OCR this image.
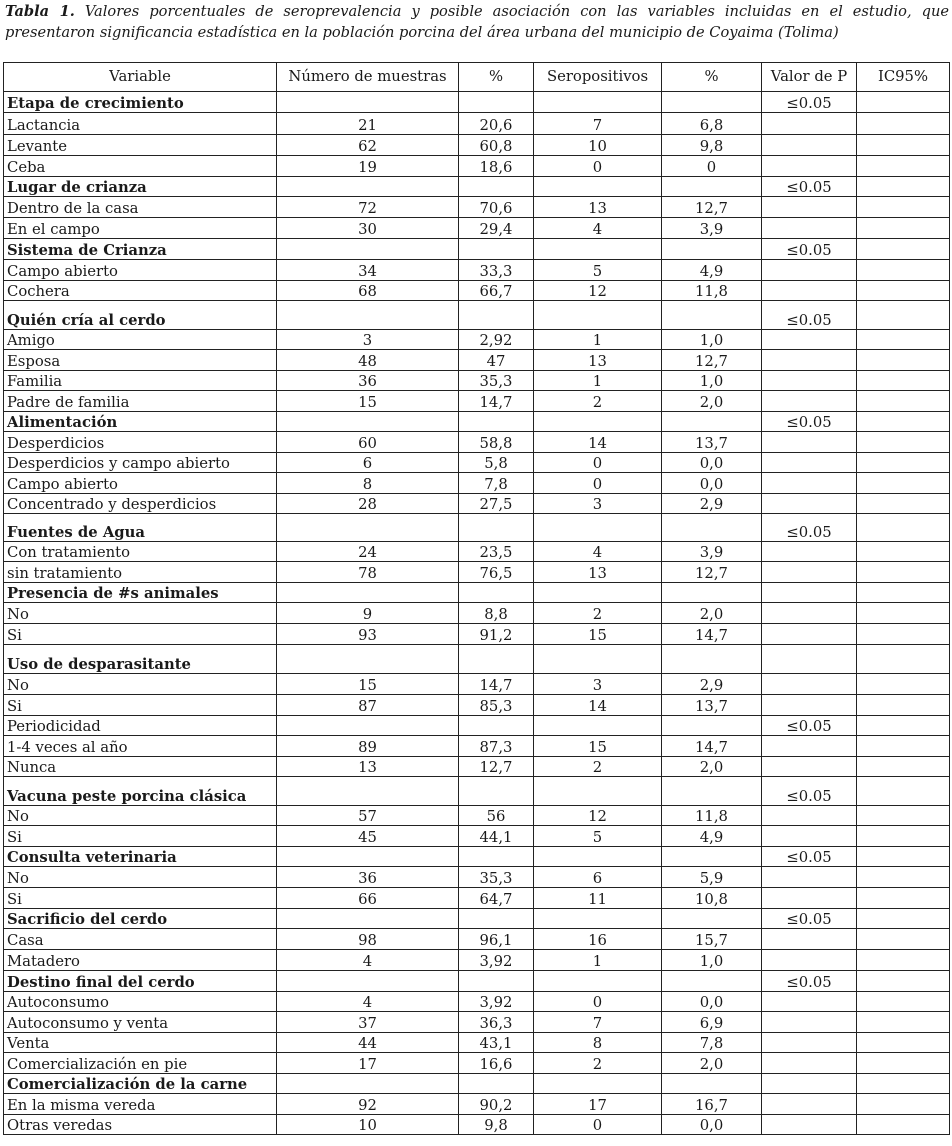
Tabla 1. Valores porcentuales de seroprevalencia y posible asociación con las variables incluidas en el estudio, que presentaron significancia estadística en la población porcina del área urbana del municipio de Coyaima (Tolima)

Variable	Número de muestras	%	Seropositivos	%	Valor de P	IC95%
Etapa de crecimiento					≤0.05	
Lactancia	21	20,6	7	6,8		
Levante	62	60,8	10	9,8		
Ceba	19	18,6	0	0		
Lugar de crianza					≤0.05	
Dentro de la casa	72	70,6	13	12,7		
En el campo	30	29,4	4	3,9		
Sistema de Crianza					≤0.05	
Campo abierto	34	33,3	5	4,9		
Cochera	68	66,7	12	11,8		
Quién cría al cerdo					≤0.05	
Amigo	3	2,92	1	1,0		
Esposa	48	47	13	12,7		
Familia	36	35,3	1	1,0		
Padre de familia	15	14,7	2	2,0		
Alimentación					≤0.05	
Desperdicios	60	58,8	14	13,7		
Desperdicios y campo abierto	6	5,8	0	0,0		
Campo abierto	8	7,8	0	0,0		
Concentrado y desperdicios	28	27,5	3	2,9		
Fuentes de Agua					≤0.05	
Con tratamiento	24	23,5	4	3,9		
sin tratamiento	78	76,5	13	12,7		
Presencia de #s animales						
No	9	8,8	2	2,0		
Si	93	91,2	15	14,7		
Uso de desparasitante						
No	15	14,7	3	2,9		
Si	87	85,3	14	13,7		
Periodicidad					≤0.05	
1-4 veces al año	89	87,3	15	14,7		
Nunca	13	12,7	2	2,0		
Vacuna peste porcina clásica					≤0.05	
No	57	56	12	11,8		
Si	45	44,1	5	4,9		
Consulta veterinaria					≤0.05	
No	36	35,3	6	5,9		
Si	66	64,7	11	10,8		
Sacrificio del cerdo					≤0.05	
Casa	98	96,1	16	15,7		
Matadero	4	3,92	1	1,0		
Destino final del cerdo					≤0.05	
Autoconsumo	4	3,92	0	0,0		
Autoconsumo y venta	37	36,3	7	6,9		
Venta	44	43,1	8	7,8		
Comercialización en pie	17	16,6	2	2,0		
Comercialización de la carne						
En la misma vereda	92	90,2	17	16,7		
Otras veredas	10	9,8	0	0,0		
